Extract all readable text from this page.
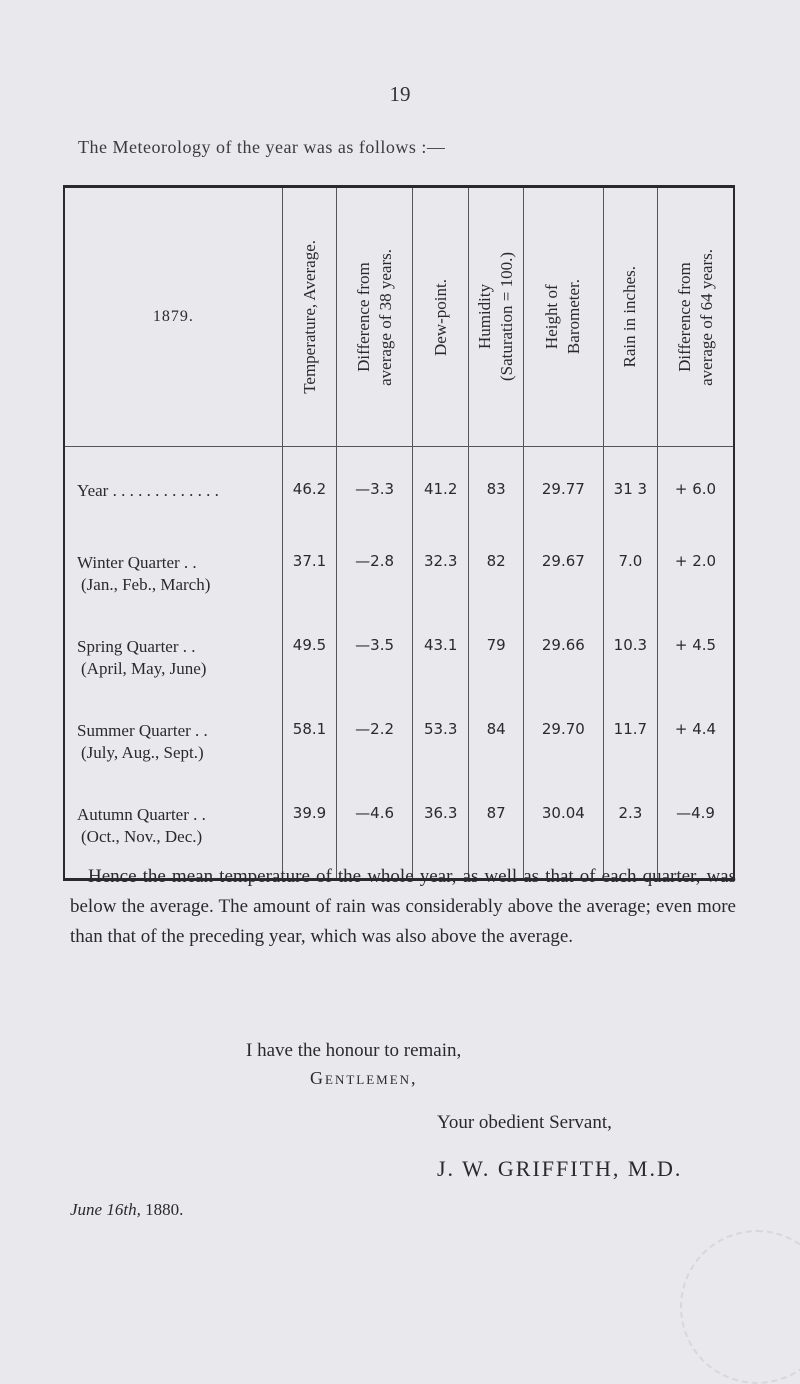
19
The Meteorology of the year was as follows :—
1879.	Temperature, Average.	Difference from average of 38 years.	Dew-point.	Humidity (Saturation = 100.)	Height of Barometer.	Rain in inches.	Difference from average of 64 years.

Year . . . . . . . . . . . . .	46.2	—3.3	41.2	83	29.77	31 3	+ 6.0
Winter Quarter . .
(Jan., Feb., March)	37.1	—2.8	32.3	82	29.67	7.0	+ 2.0
Spring Quarter . .
(April, May, June)	49.5	—3.5	43.1	79	29.66	10.3	+ 4.5
Summer Quarter . .
(July, Aug., Sept.)	58.1	—2.2	53.3	84	29.70	11.7	+ 4.4
Autumn Quarter . .
(Oct., Nov., Dec.)	39.9	—4.6	36.3	87	30.04	2.3	—4.9

Hence the mean temperature of the whole year, as well as that of each quarter, was below the average. The amount of rain was considerably above the average; even more than that of the preceding year, which was also above the average.

I have the honour to remain,
Gentlemen,
Your obedient Servant,
J. W. GRIFFITH, M.D.
June 16th, 1880.
